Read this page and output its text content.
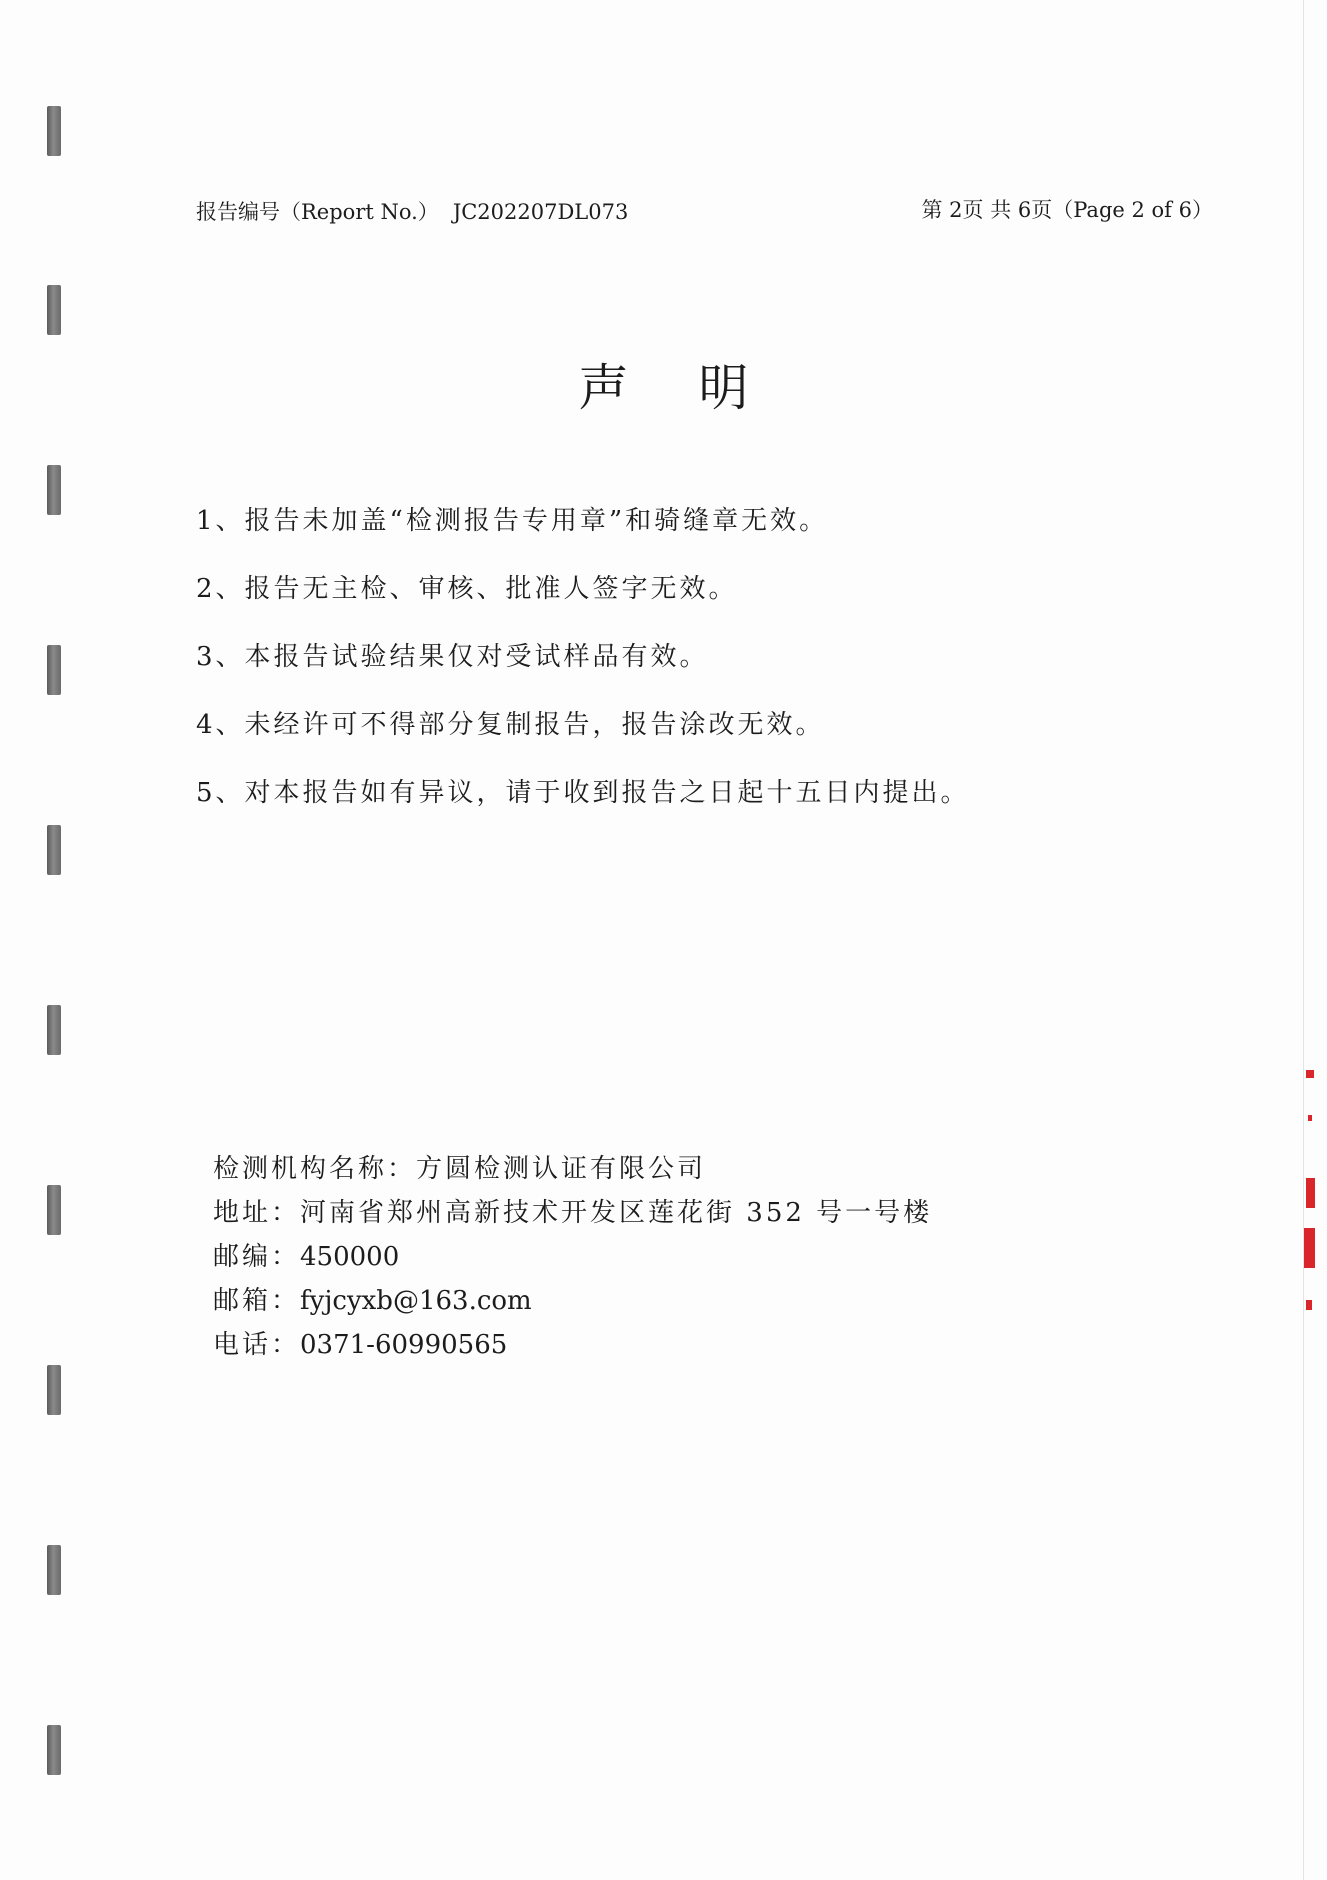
报告编号（Report No.） JC202207DL073	第 2页 共 6页（Page 2 of 6）
声明
1、报告未加盖“检测报告专用章”和骑缝章无效。
2、报告无主检、审核、批准人签字无效。
3、本报告试验结果仅对受试样品有效。
4、未经许可不得部分复制报告，报告涂改无效。
5、对本报告如有异议，请于收到报告之日起十五日内提出。
检测机构名称：方圆检测认证有限公司
地址：河南省郑州高新技术开发区莲花街 352 号一号楼
邮编：450000
邮箱：fyjcyxb@163.com
电话：0371-60990565
